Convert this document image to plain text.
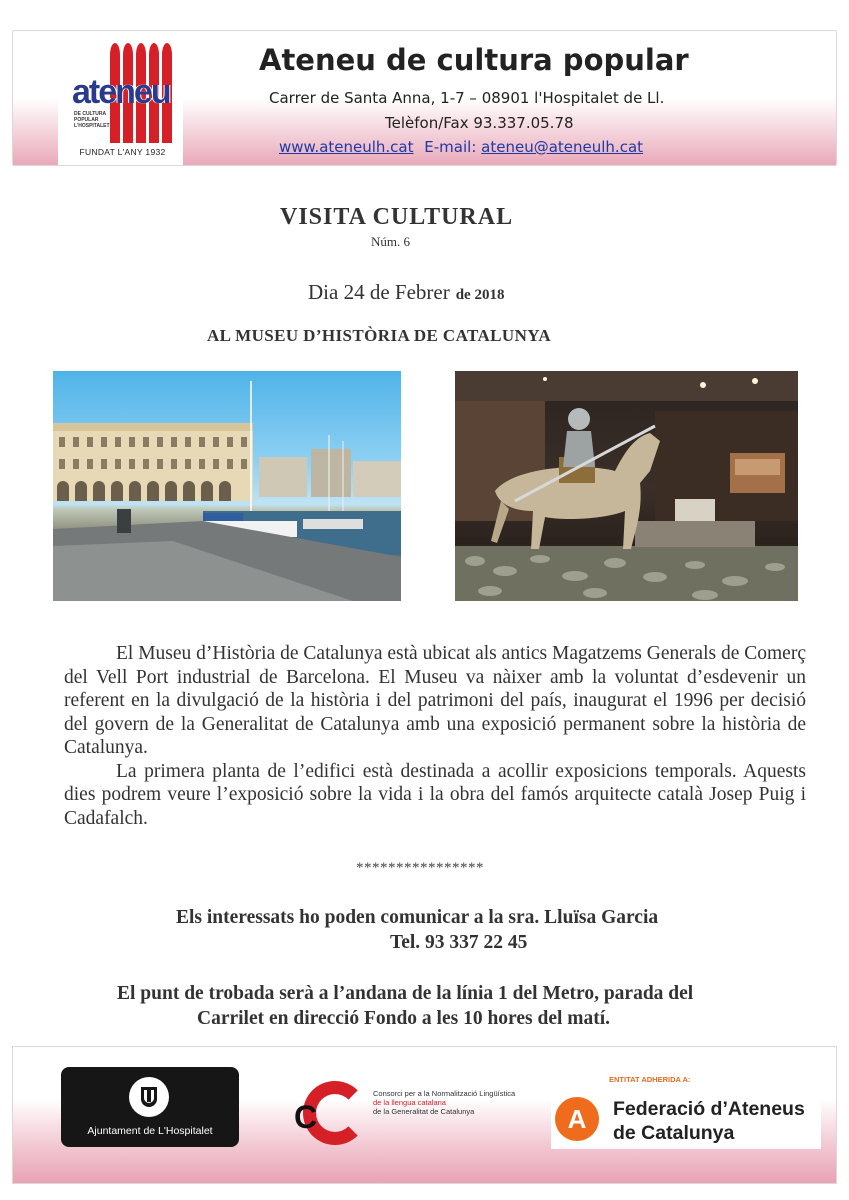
ateneu
DE CULTURA POPULAR L'HOSPITALET
FUNDAT L'ANY 1932
Ateneu de cultura popular
Carrer de Santa Anna, 1-7 – 08901 l'Hospitalet de Ll.
Telèfon/Fax 93.337.05.78
www.ateneulh.cat E-mail: ateneu@ateneulh.cat
VISITA CULTURAL
Núm. 6
Dia 24 de Febrer de 2018
AL MUSEU D’HISTÒRIA DE CATALUNYA

El Museu d’Història de Catalunya està ubicat als antics Magatzems Generals de Comerç del Vell Port industrial de Barcelona. El Museu va nàixer amb la voluntat d’esdevenir un referent en la divulgació de la història i del patrimoni del país, inaugurat el 1996 per decisió del govern de la Generalitat de Catalunya amb una exposició permanent sobre la història de Catalunya.

La primera planta de l’edifici està destinada a acollir exposicions temporals. Aquests dies podrem veure l’exposició sobre la vida i la obra del famós arquitecte català Josep Puig i Cadafalch.

****************
Els interessats ho poden comunicar a la sra. Lluïsa Garcia
Tel. 93 337 22 45
El punt de trobada serà a l’andana de la línia 1 del Metro, parada del
Carrilet en direcció Fondo a les 10 hores del matí.
Ajuntament de L'Hospitalet	C
Consorci per a la Normalització Lingüística
de la llengua catalana
de la Generalitat de Catalunya
ENTITAT ADHERIDA A:
A	Federació d’Ateneus
de Catalunya
